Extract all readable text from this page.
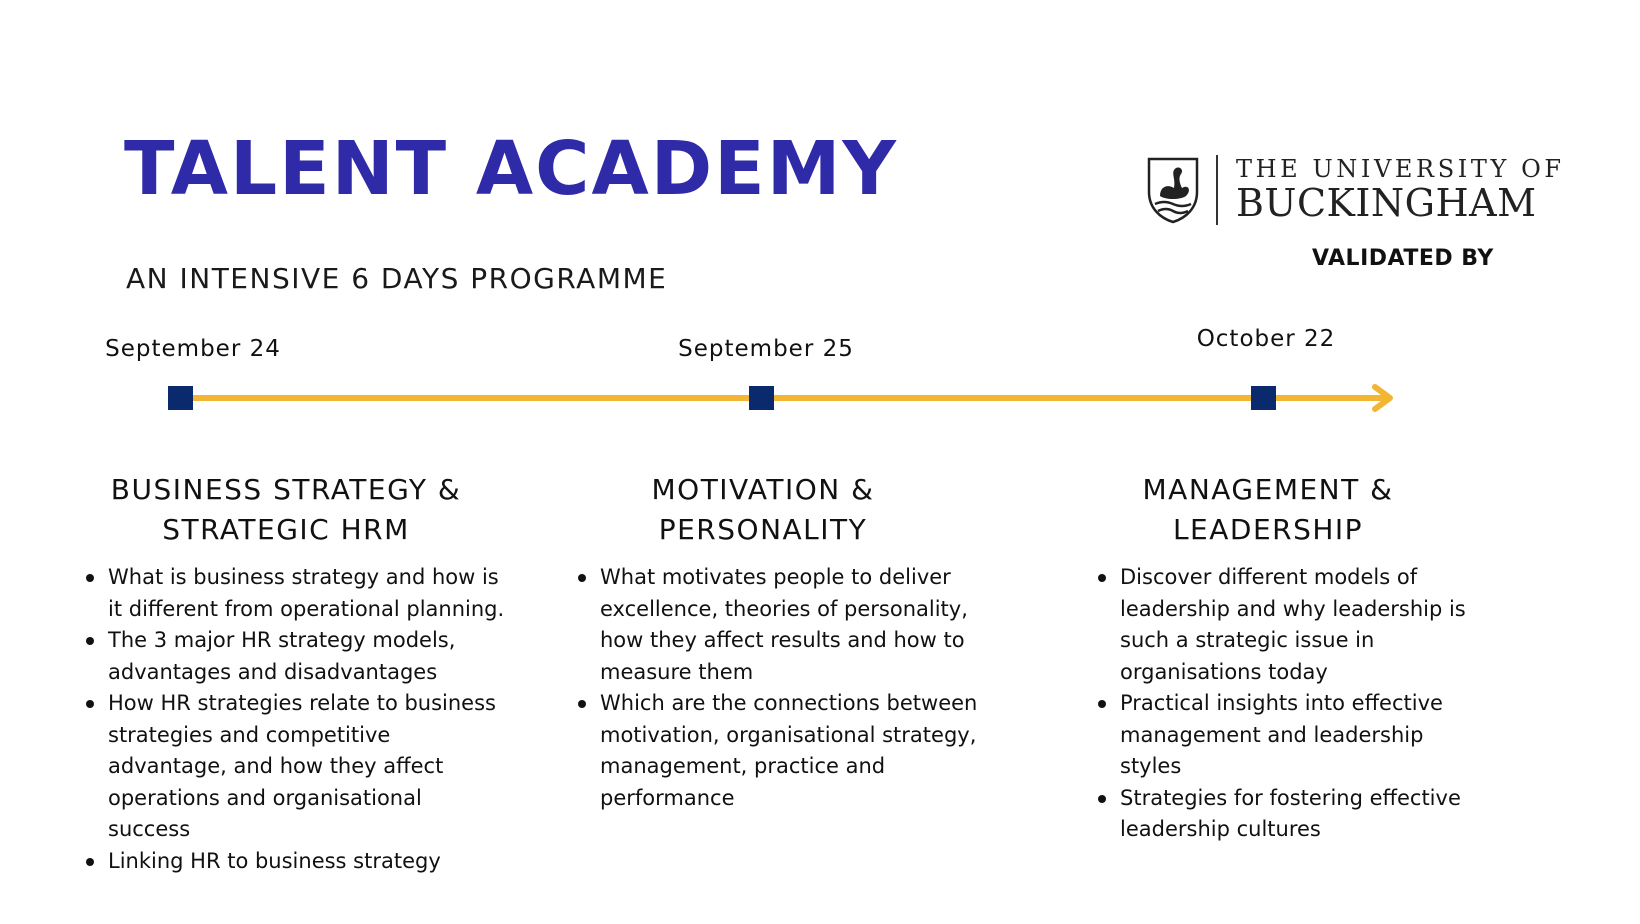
TALENT ACADEMY
AN INTENSIVE 6 DAYS PROGRAMME
THE UNIVERSITY OF
BUCKINGHAM
VALIDATED BY
September 24	September 25	October 22
BUSINESS STRATEGY &
STRATEGIC HRM
What is business strategy and how is it different from operational planning.
The 3 major HR strategy models, advantages and disadvantages
How HR strategies relate to business strategies and competitive advantage, and how they affect operations and organisational success
Linking HR to business strategy
MOTIVATION &
PERSONALITY
What motivates people to deliver excellence, theories of personality, how they affect results and how to measure them
Which are the connections between motivation, organisational strategy, management, practice and performance
MANAGEMENT &
LEADERSHIP
Discover different models of leadership and why leadership is such a strategic issue in organisations today
Practical insights into effective management and leadership styles
Strategies for fostering effective leadership cultures
